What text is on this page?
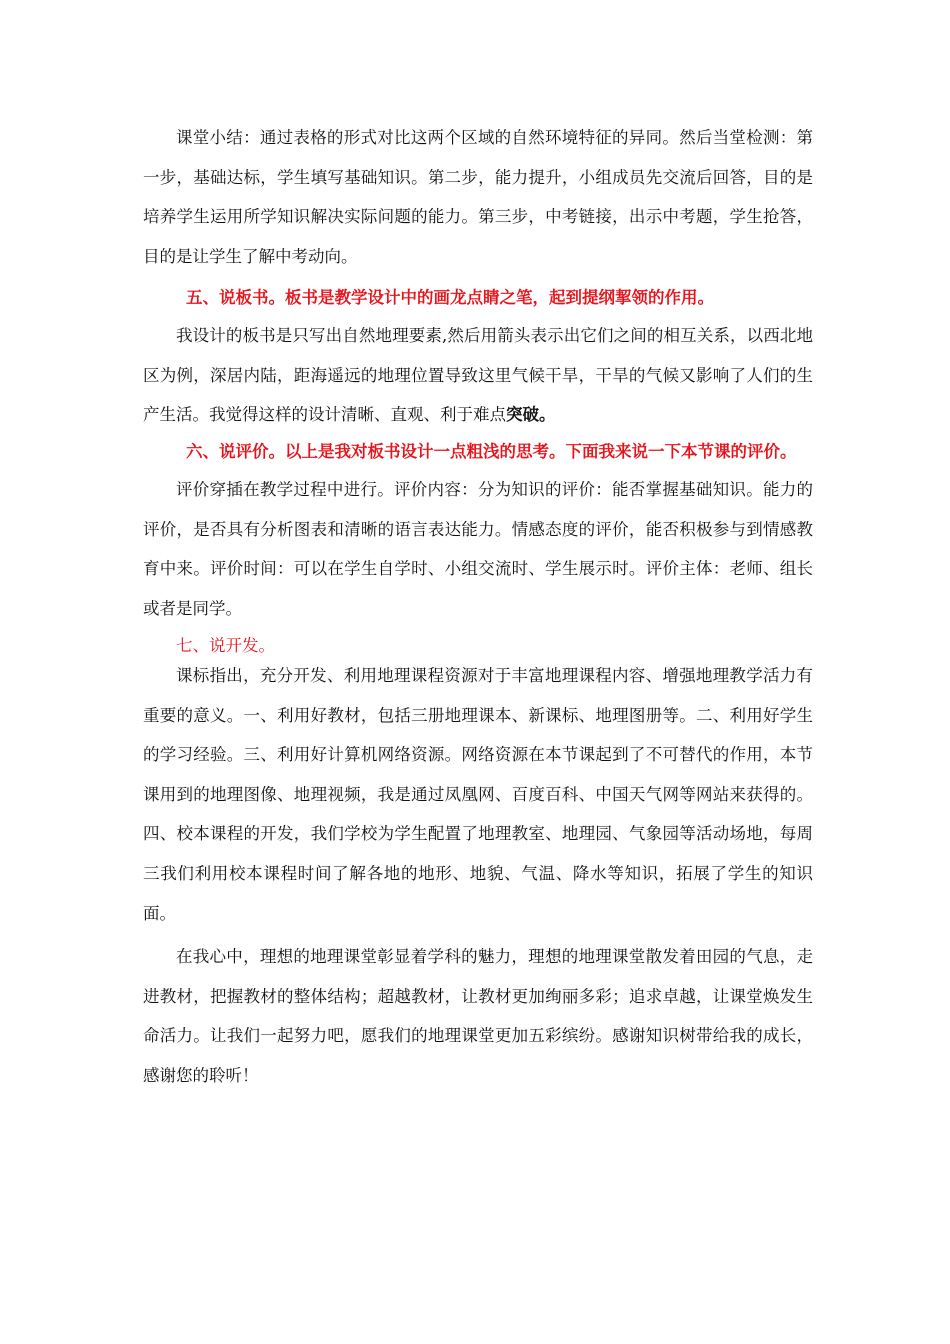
课堂小结：通过表格的形式对比这两个区域的自然环境特征的异同。然后当堂检测：第一步，基础达标，学生填写基础知识。第二步，能力提升，小组成员先交流后回答，目的是培养学生运用所学知识解决实际问题的能力。第三步，中考链接，出示中考题，学生抢答，目的是让学生了解中考动向。

五、说板书。板书是教学设计中的画龙点睛之笔，起到提纲挈领的作用。

我设计的板书是只写出自然地理要素,然后用箭头表示出它们之间的相互关系，以西北地区为例，深居内陆，距海遥远的地理位置导致这里气候干旱，干旱的气候又影响了人们的生产生活。我觉得这样的设计清晰、直观、利于难点突破。

六、说评价。以上是我对板书设计一点粗浅的思考。下面我来说一下本节课的评价。

评价穿插在教学过程中进行。评价内容：分为知识的评价：能否掌握基础知识。能力的评价，是否具有分析图表和清晰的语言表达能力。情感态度的评价，能否积极参与到情感教育中来。评价时间：可以在学生自学时、小组交流时、学生展示时。评价主体：老师、组长或者是同学。

七、说开发。

课标指出，充分开发、利用地理课程资源对于丰富地理课程内容、增强地理教学活力有重要的意义。一、利用好教材，包括三册地理课本、新课标、地理图册等。二、利用好学生的学习经验。三、利用好计算机网络资源。网络资源在本节课起到了不可替代的作用，本节课用到的地理图像、地理视频，我是通过凤凰网、百度百科、中国天气网等网站来获得的。四、校本课程的开发，我们学校为学生配置了地理教室、地理园、气象园等活动场地，每周三我们利用校本课程时间了解各地的地形、地貌、气温、降水等知识，拓展了学生的知识面。

在我心中，理想的地理课堂彰显着学科的魅力，理想的地理课堂散发着田园的气息，走进教材，把握教材的整体结构；超越教材，让教材更加绚丽多彩；追求卓越，让课堂焕发生命活力。让我们一起努力吧，愿我们的地理课堂更加五彩缤纷。感谢知识树带给我的成长，感谢您的聆听！
